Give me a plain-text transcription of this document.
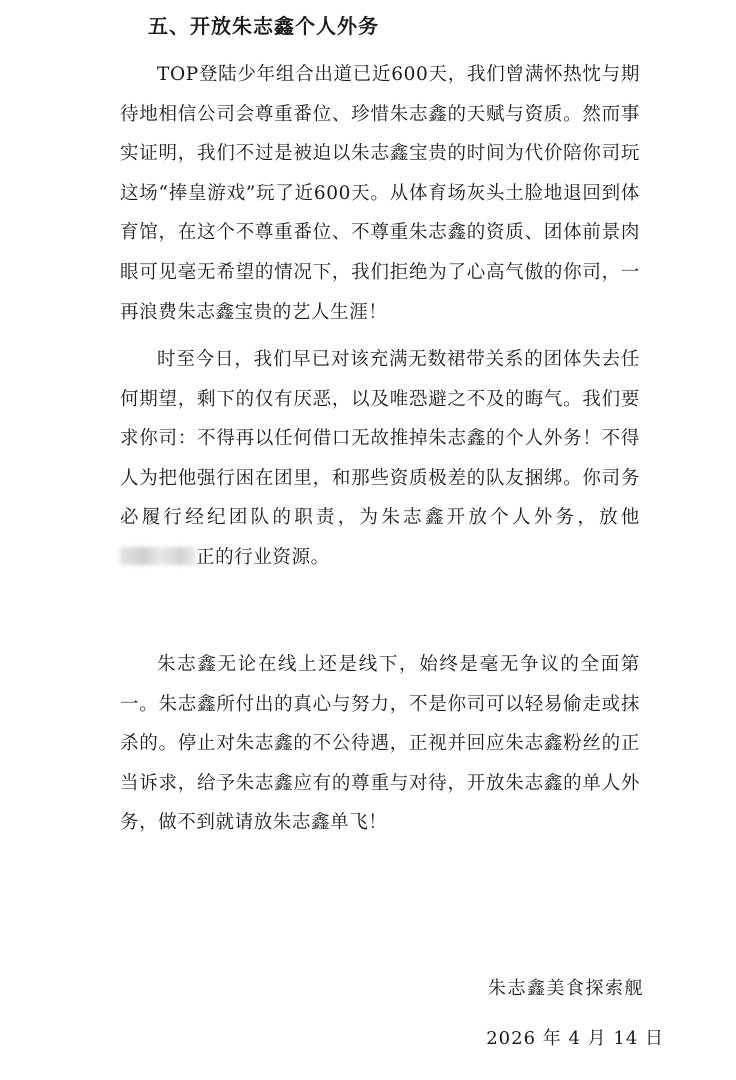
五、开放朱志鑫个人外务

TOP登陆少年组合出道已近600天，我们曾满怀热忱与期待地相信公司会尊重番位、珍惜朱志鑫的天赋与资质。然而事实证明，我们不过是被迫以朱志鑫宝贵的时间为代价陪你司玩这场“捧皇游戏”玩了近600天。从体育场灰头土脸地退回到体育馆，在这个不尊重番位、不尊重朱志鑫的资质、团体前景肉眼可见毫无希望的情况下，我们拒绝为了心高气傲的你司，一再浪费朱志鑫宝贵的艺人生涯！

时至今日，我们早已对该充满无数裙带关系的团体失去任何期望，剩下的仅有厌恶，以及唯恐避之不及的晦气。我们要求你司：不得再以任何借口无故推掉朱志鑫的个人外务！不得人为把他强行困在团里，和那些资质极差的队友捆绑。你司务必履行经纪团队的职责，为朱志鑫开放个人外务，放他正的行业资源。

朱志鑫无论在线上还是线下，始终是毫无争议的全面第一。朱志鑫所付出的真心与努力，不是你司可以轻易偷走或抹杀的。停止对朱志鑫的不公待遇，正视并回应朱志鑫粉丝的正当诉求，给予朱志鑫应有的尊重与对待，开放朱志鑫的单人外务，做不到就请放朱志鑫单飞！

朱志鑫美食探索舰
2026 年 4 月 14 日
